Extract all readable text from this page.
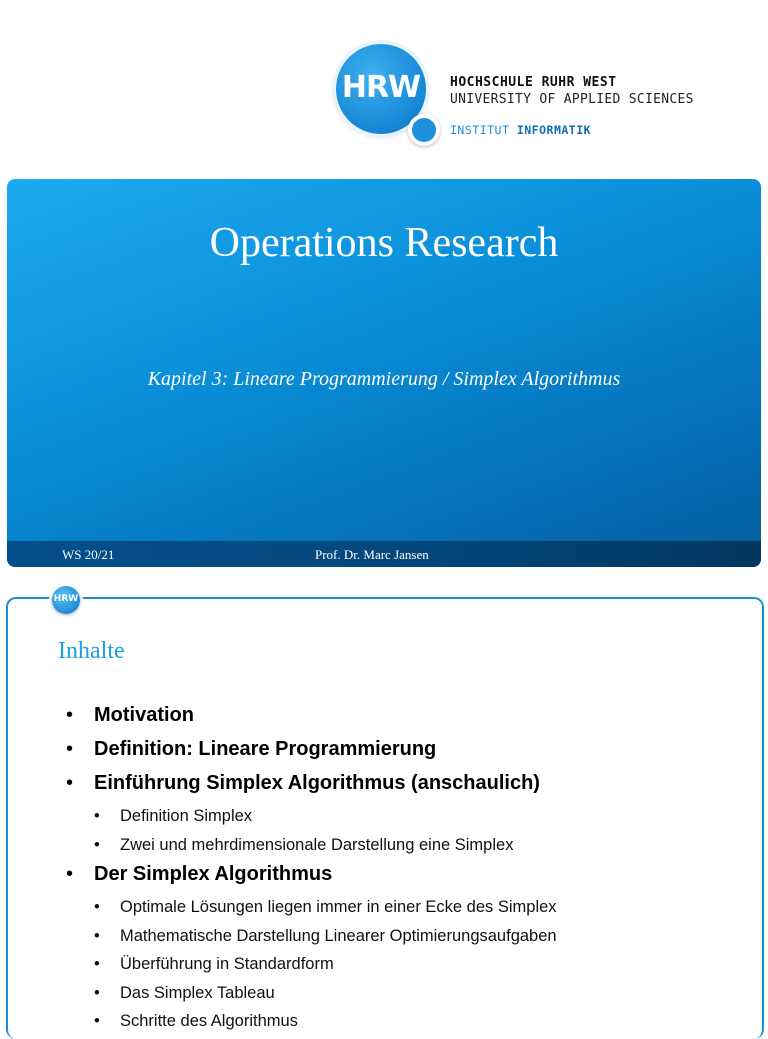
HRW	HOCHSCHULE RUHR WEST
UNIVERSITY OF APPLIED SCIENCES
INSTITUT INFORMATIK
Operations Research
Kapitel 3: Lineare Programmierung / Simplex Algorithmus
WS 20/21	Prof. Dr. Marc Jansen
HRW
Inhalte
• Motivation
• Definition: Lineare Programmierung
• Einführung Simplex Algorithmus (anschaulich)
• Definition Simplex
• Zwei und mehrdimensionale Darstellung eine Simplex
• Der Simplex Algorithmus
• Optimale Lösungen liegen immer in einer Ecke des Simplex
• Mathematische Darstellung Linearer Optimierungsaufgaben
• Überführung in Standardform
• Das Simplex Tableau
• Schritte des Algorithmus
